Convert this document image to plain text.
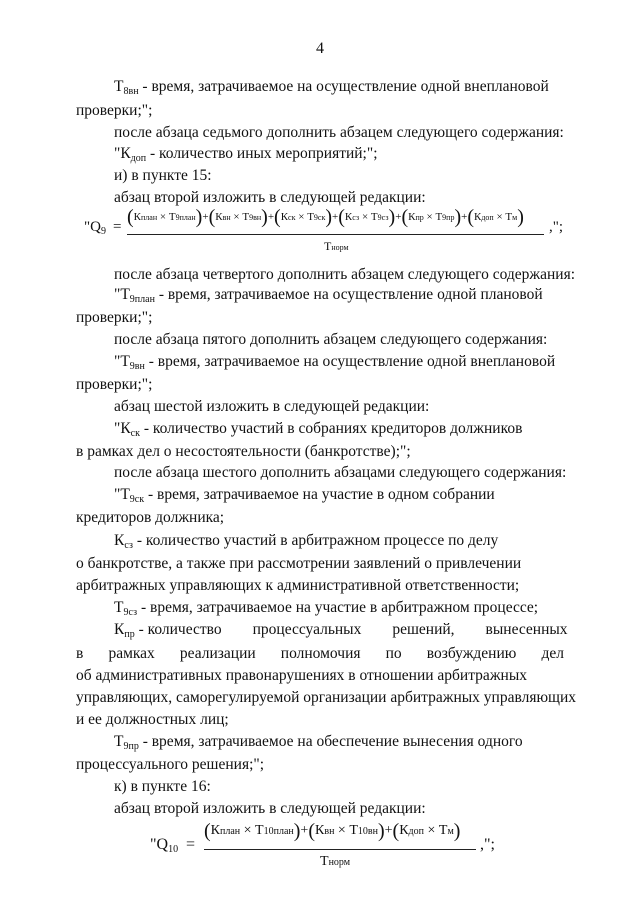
4
$Т_{8вн}$ - время, затрачиваемое на осуществление одной внеплановой
проверки;";
после абзаца седьмого дополнить абзацем следующего содержания:
"$К_{доп}$ - количество иных мероприятий;";
и) в пункте 15:
абзац второй изложить в следующей редакции:
"$Q_9$ = (Кплан × Т9план)+(Квн × Т9вн)+(Кск × Т9ск)+(Ксз × Т9сз)+(Кпр × Т9пр)+(Кдоп × Тм)
Тнорм
,";
после абзаца четвертого дополнить абзацем следующего содержания:
"$Т_{9план}$ - время, затрачиваемое на осуществление одной плановой
проверки;";
после абзаца пятого дополнить абзацем следующего содержания:
"$Т_{9вн}$ - время, затрачиваемое на осуществление одной внеплановой
проверки;";
абзац шестой изложить в следующей редакции:
"$К_{ск}$ - количество участий в собраниях кредиторов должников
в рамках дел о несостоятельности (банкротстве);";
после абзаца шестого дополнить абзацами следующего содержания:
"$Т_{9ск}$ - время, затрачиваемое на участие в одном собрании
кредиторов должника;
$К_{сз}$ - количество участий в арбитражном процессе по делу
о банкротстве, а также при рассмотрении заявлений о привлечении
арбитражных управляющих к административной ответственности;
$Т_{9сз}$ - время, затрачиваемое на участие в арбитражном процессе;
$К_{пр}$ - количество        процессуальных        решений,        вынесенных
в рамках реализации полномочия по возбуждению дел
об административных правонарушениях в отношении арбитражных
управляющих, саморегулируемой организации арбитражных управляющих
и ее должностных лиц;
$Т_{9пр}$ - время, затрачиваемое на обеспечение вынесения одного
процессуального решения;";
к) в пункте 16:
абзац второй изложить в следующей редакции:
"$Q_{10}$ =
(Кплан × Т10план)+(Квн × Т10вн)+(Кдоп × Тм)
Тнорм
,";
